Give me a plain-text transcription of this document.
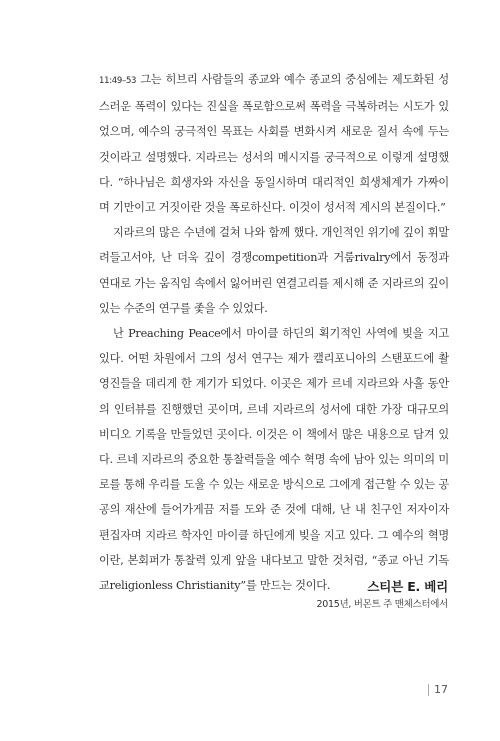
11:49–53 그는 히브리 사람들의 종교와 예수 종교의 중심에는 제도화된 성스러운 폭력이 있다는 진실을 폭로함으로써 폭력을 극복하려는 시도가 있었으며, 예수의 궁극적인 목표는 사회를 변화시켜 새로운 질서 속에 두는 것이라고 설명했다. 지라르는 성서의 메시지를 궁극적으로 이렇게 설명했다. “하나님은 희생자와 자신을 동일시하며 대리적인 희생체계가 가짜이며 기만이고 거짓이란 것을 폭로하신다. 이것이 성서적 계시의 본질이다.”

지라르의 많은 수년에 걸쳐 나와 함께 했다. 개인적인 위기에 깊이 휘말려들고서야, 난 더욱 깊이 경쟁competition과 거룸rivalry에서 동정과 연대로 가는 움직임 속에서 잃어버린 연결고리를 제시해 준 지라르의 깊이 있는 수준의 연구를 좇을 수 있었다.

난 Preaching Peace에서 마이클 하딘의 획기적인 사역에 빚을 지고 있다. 어떤 차원에서 그의 성서 연구는 제가 캘리포니아의 스탠포드에 촬영진들을 데리게 한 계기가 되었다. 이곳은 제가 르네 지라르와 사흘 동안의 인터뷰를 진행했던 곳이며, 르네 지라르의 성서에 대한 가장 대규모의 비디오 기록을 만들었던 곳이다. 이것은 이 책에서 많은 내용으로 담겨 있다. 르네 지라르의 중요한 통찰력들을 예수 혁명 속에 남아 있는 의미의 미로를 통해 우리를 도울 수 있는 새로운 방식으로 그에게 접근할 수 있는 공공의 재산에 들어가게끔 저를 도와 준 것에 대해, 난 내 친구인 저자이자 편집자며 지라르 학자인 마이클 하딘에게 빚을 지고 있다. 그 예수의 혁명이란, 본회퍼가 통찰력 있게 앞을 내다보고 말한 것처럼, “종교 아닌 기독교religionless Christianity”를 만드는 것이다.	스티븐 E. 베리
2015년, 버몬트 주 맨체스터에서
17
